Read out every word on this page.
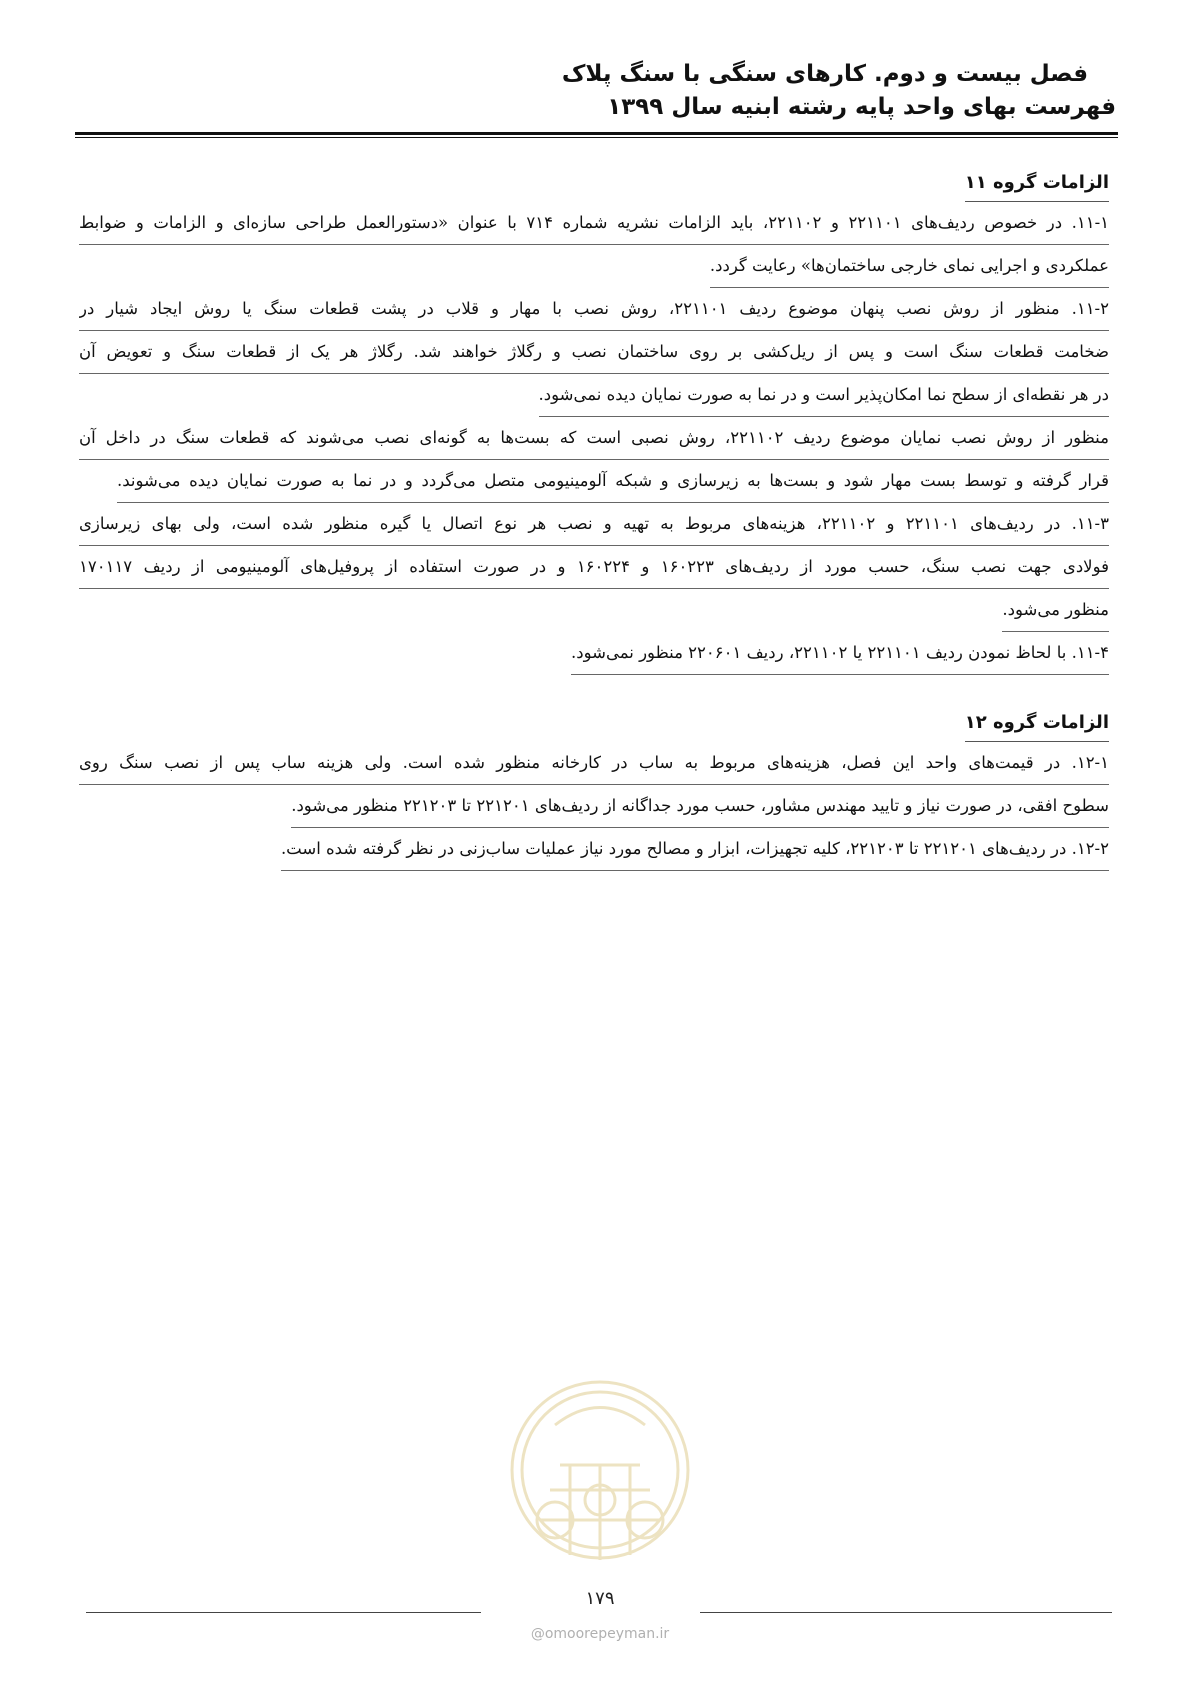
فصل بیست و دوم. کارهای سنگی با سنگ پلاک
فهرست بهای واحد پایه رشته ابنیه سال ۱۳۹۹
الزامات گروه ۱۱
۱۱-۱. در خصوص ردیف‌های ۲۲۱۱۰۱ و ۲۲۱۱۰۲، باید الزامات نشریه شماره ۷۱۴ با عنوان «دستورالعمل طراحی سازه‌ای و الزامات و ضوابط
عملکردی و اجرایی نمای خارجی ساختمان‌ها» رعایت گردد.
۱۱-۲. منظور از روش نصب پنهان موضوع ردیف ۲۲۱۱۰۱، روش نصب با مهار و قلاب در پشت قطعات سنگ یا روش ایجاد شیار در
ضخامت قطعات سنگ است و پس از ریل‌کشی بر روی ساختمان نصب و رگلاژ خواهند شد. رگلاژ هر یک از قطعات سنگ و تعویض آن
در هر نقطه‌ای از سطح نما امکان‌پذیر است و در نما به صورت نمایان دیده نمی‌شود.
منظور از روش نصب نمایان موضوع ردیف ۲۲۱۱۰۲، روش نصبی است که بست‌ها به گونه‌ای نصب می‌شوند که قطعات سنگ در داخل آن
قرار گرفته و توسط بست مهار شود و بست‌ها به زیرسازی و شبکه آلومینیومی متصل می‌گردد و در نما به صورت نمایان دیده می‌شوند.
۱۱-۳. در ردیف‌های ۲۲۱۱۰۱ و ۲۲۱۱۰۲، هزینه‌های مربوط به تهیه و نصب هر نوع اتصال یا گیره منظور شده است، ولی بهای زیرسازی
فولادی جهت نصب سنگ، حسب مورد از ردیف‌های ۱۶۰۲۲۳ و ۱۶۰۲۲۴ و در صورت استفاده از پروفیل‌های آلومینیومی از ردیف ۱۷۰۱۱۷
منظور می‌شود.
۱۱-۴. با لحاظ نمودن ردیف ۲۲۱۱۰۱ یا ۲۲۱۱۰۲، ردیف ۲۲۰۶۰۱ منظور نمی‌شود.
الزامات گروه ۱۲
۱۲-۱. در قیمت‌های واحد این فصل، هزینه‌های مربوط به ساب در کارخانه منظور شده است. ولی هزینه ساب پس از نصب سنگ روی
سطوح افقی، در صورت نیاز و تایید مهندس مشاور، حسب مورد جداگانه از ردیف‌های ۲۲۱۲۰۱ تا ۲۲۱۲۰۳ منظور می‌شود.
۱۲-۲. در ردیف‌های ۲۲۱۲۰۱ تا ۲۲۱۲۰۳، کلیه تجهیزات، ابزار و مصالح مورد نیاز عملیات ساب‌زنی در نظر گرفته شده است.
۱۷۹
@omoorepeyman.ir
